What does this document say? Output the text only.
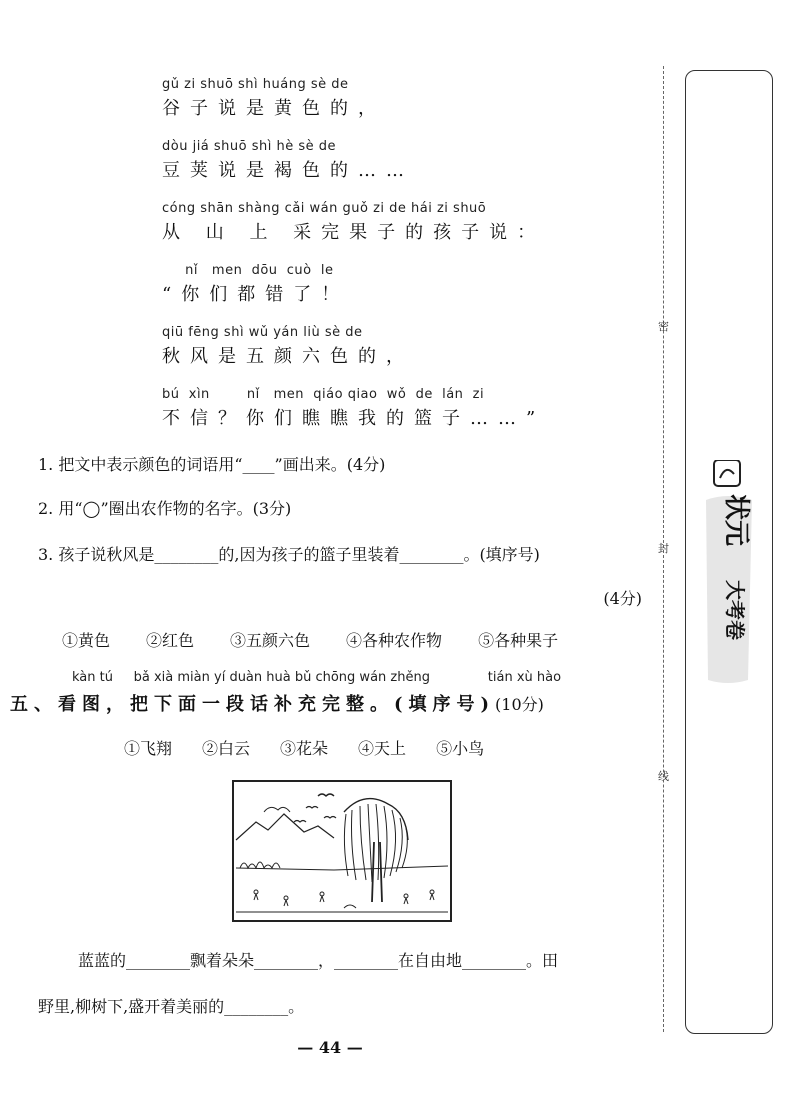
gǔ zi shuō shì huáng sè de
谷子说是黄色的，
dòu jiá shuō shì hè sè de
豆荚说是褐色的……
cóng shān shàng cǎi wán guǒ zi de hái zi shuō
从 山 上 采完果子的孩子说：
nǐ   men  dōu  cuò  le
“你们都错了！
qiū fēng shì wǔ yán liù sè de
秋风是五颜六色的，
bú  xìn        nǐ   men  qiáo qiao  wǒ  de  lán  zi
不信？你们瞧瞧我的篮子……”
1. 把文中表示颜色的词语用“____”画出来。(4分)
2. 用“◯”圈出农作物的名字。(3分)
3. 孩子说秋风是________的,因为孩子的篮子里装着________。(填序号)
(4分)
①黄色 ②红色 ③五颜六色 ④各种农作物 ⑤各种果子
kàn tú     bǎ xià miàn yí duàn huà bǔ chōng wán zhěng              tián xù hào
五、看图，把下面一段话补充完整。(填序号)(10分)
①飞翔 ②白云 ③花朵 ④天上 ⑤小鸟
蓝蓝的________飘着朵朵________，________在自由地________。田
野里,柳树下,盛开着美丽的________。
— 44 —
密
封
线
状元
大考卷
